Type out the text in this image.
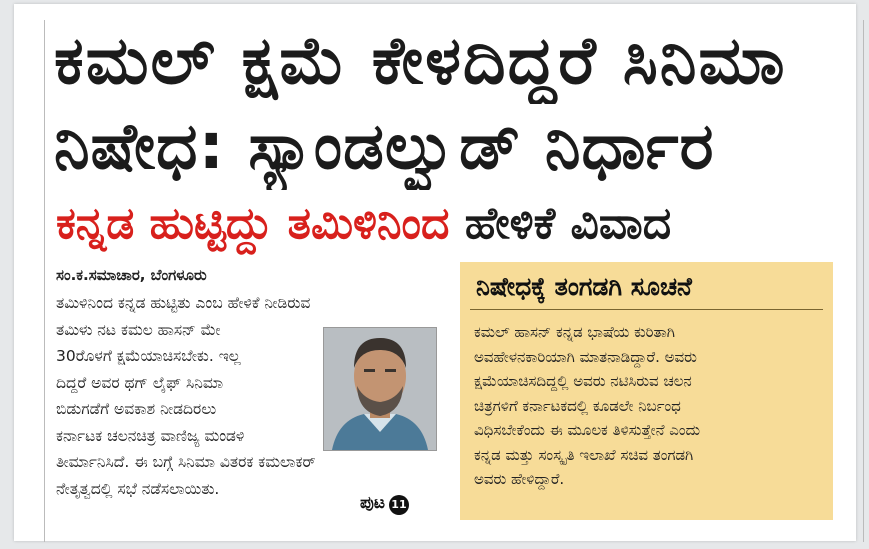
ಕಮಲ್ ಕ್ಷಮೆ ಕೇಳದಿದ್ದರೆ ಸಿನಿಮಾ
ನಿಷೇಧ: ಸ್ಯಾಂಡಲ್ವುಡ್ ನಿರ್ಧಾರ
ಕನ್ನಡ ಹುಟ್ಟಿದ್ದು ತಮಿಳಿನಿಂದ ಹೇಳಿಕೆ ವಿವಾದ
ಸಂ.ಕ.ಸಮಾಚಾರ, ಬೆಂಗಳೂರು
ತಮಿಳಿನಿಂದ ಕನ್ನಡ ಹುಟ್ಟಿತು ಎಂಬ ಹೇಳಿಕೆ ನೀಡಿರುವ
ತಮಿಳು ನಟ ಕಮಲ ಹಾಸನ್ ಮೇ
30ರೊಳಗೆ ಕ್ಷಮೆಯಾಚಿಸಬೇಕು. ಇಲ್ಲ
ದಿದ್ದರೆ ಅವರ ಥಗ್ ಲೈಫ್ ಸಿನಿಮಾ
ಬಿಡುಗಡೆಗೆ ಅವಕಾಶ ನೀಡದಿರಲು
ಕರ್ನಾಟಕ ಚಲನಚಿತ್ರ ವಾಣಿಜ್ಯ ಮಂಡಳಿ
ತೀರ್ಮಾನಿಸಿದೆ. ಈ ಬಗ್ಗೆ ಸಿನಿಮಾ ವಿತರಕ ಕಮಲಾಕರ್
ನೇತೃತ್ವದಲ್ಲಿ ಸಭೆ ನಡೆಸಲಾಯಿತು.
ಪುಟ 11
ನಿಷೇಧಕ್ಕೆ ತಂಗಡಗಿ ಸೂಚನೆ
ಕಮಲ್ ಹಾಸನ್ ಕನ್ನಡ ಭಾಷೆಯ ಕುರಿತಾಗಿ
ಅವಹೇಳನಕಾರಿಯಾಗಿ ಮಾತನಾಡಿದ್ದಾರೆ. ಅವರು
ಕ್ಷಮೆಯಾಚಿಸದಿದ್ದಲ್ಲಿ ಅವರು ನಟಿಸಿರುವ ಚಲನ
ಚಿತ್ರಗಳಿಗೆ ಕರ್ನಾಟಕದಲ್ಲಿ ಕೂಡಲೇ ನಿರ್ಬಂಧ
ವಿಧಿಸಬೇಕೆಂದು ಈ ಮೂಲಕ ತಿಳಿಸುತ್ತೇನೆ ಎಂದು
ಕನ್ನಡ ಮತ್ತು ಸಂಸ್ಕೃತಿ ಇಲಾಖೆ ಸಚಿವ ತಂಗಡಗಿ
ಅವರು ಹೇಳಿದ್ದಾರೆ.
